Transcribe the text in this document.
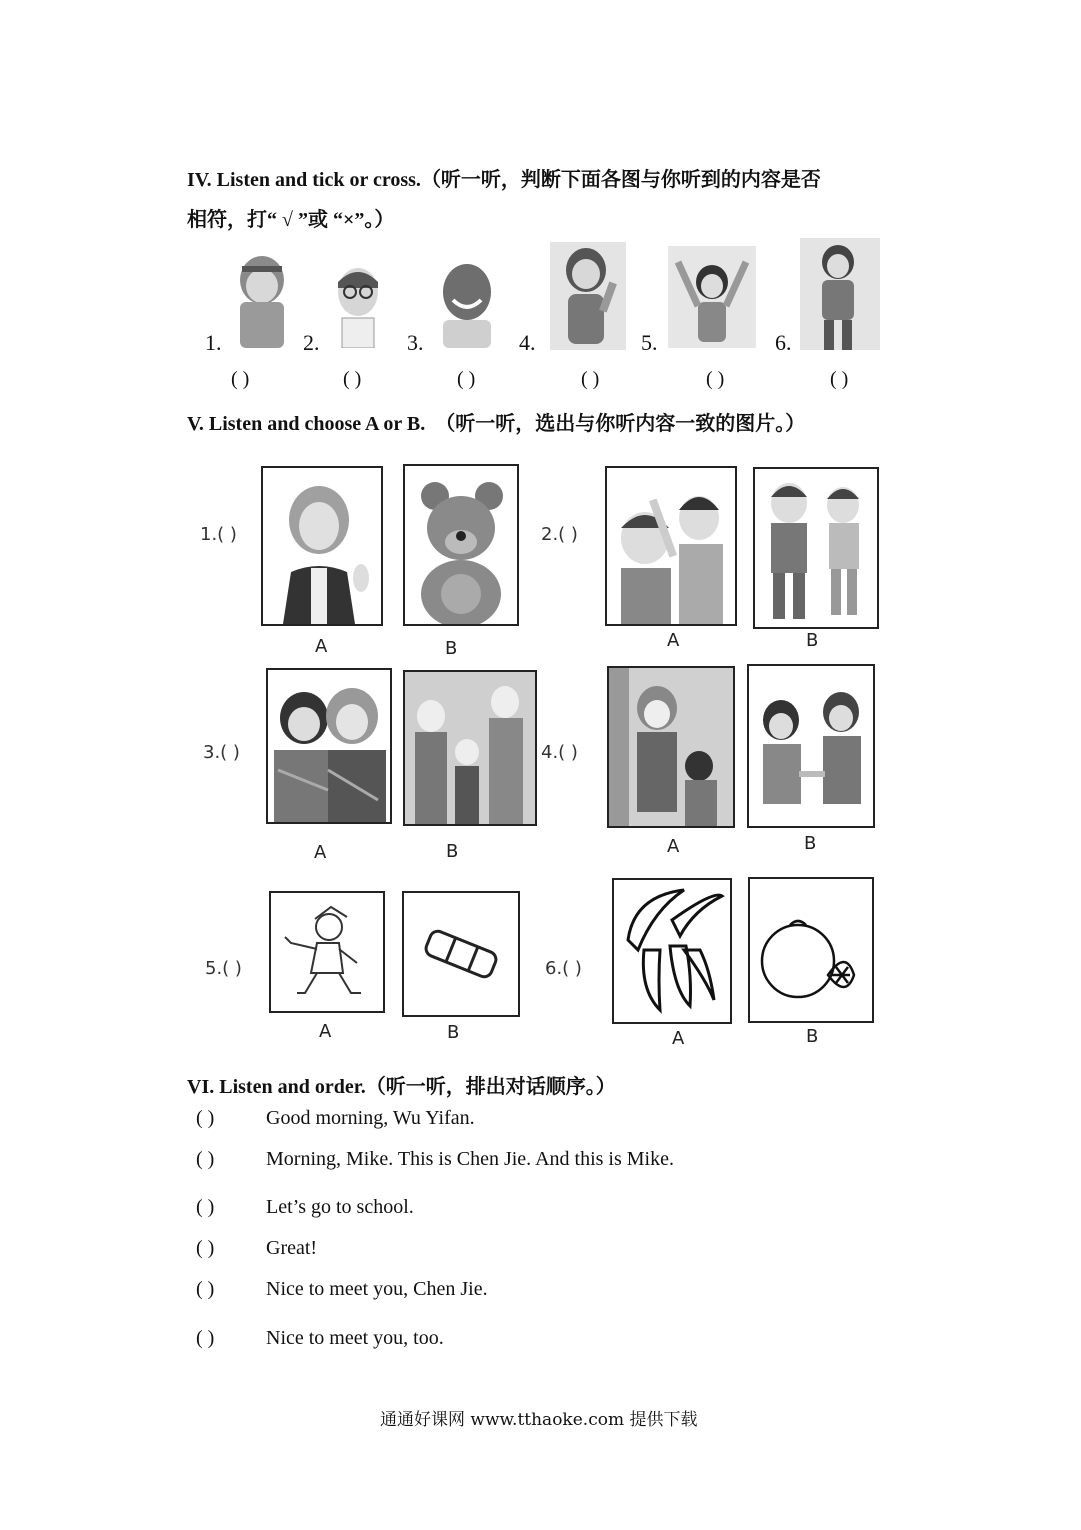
IV. Listen and tick or cross.（听一听，判断下面各图与你听到的内容是否
相符，打“ √ ”或 “×”。）
1.	2.	3.	4.	5.	6.
( )	( )	( )	( )	( )	( )
V. Listen and choose A or B. （听一听，选出与你听内容一致的图片。）
1.( )
A	B
2.( )
A	B
3.( )
A	B
4.( )
A	B
5.( )
A	B
6.( )
A	B
VI. Listen and order.（听一听，排出对话顺序。）
( )	Good morning, Wu Yifan.
( )	Morning, Mike. This is Chen Jie. And this is Mike.
( )	Let’s go to school.
( )	Great!
( )	Nice to meet you, Chen Jie.
( )	Nice to meet you, too.
通通好课网 www.tthaoke.com 提供下载
